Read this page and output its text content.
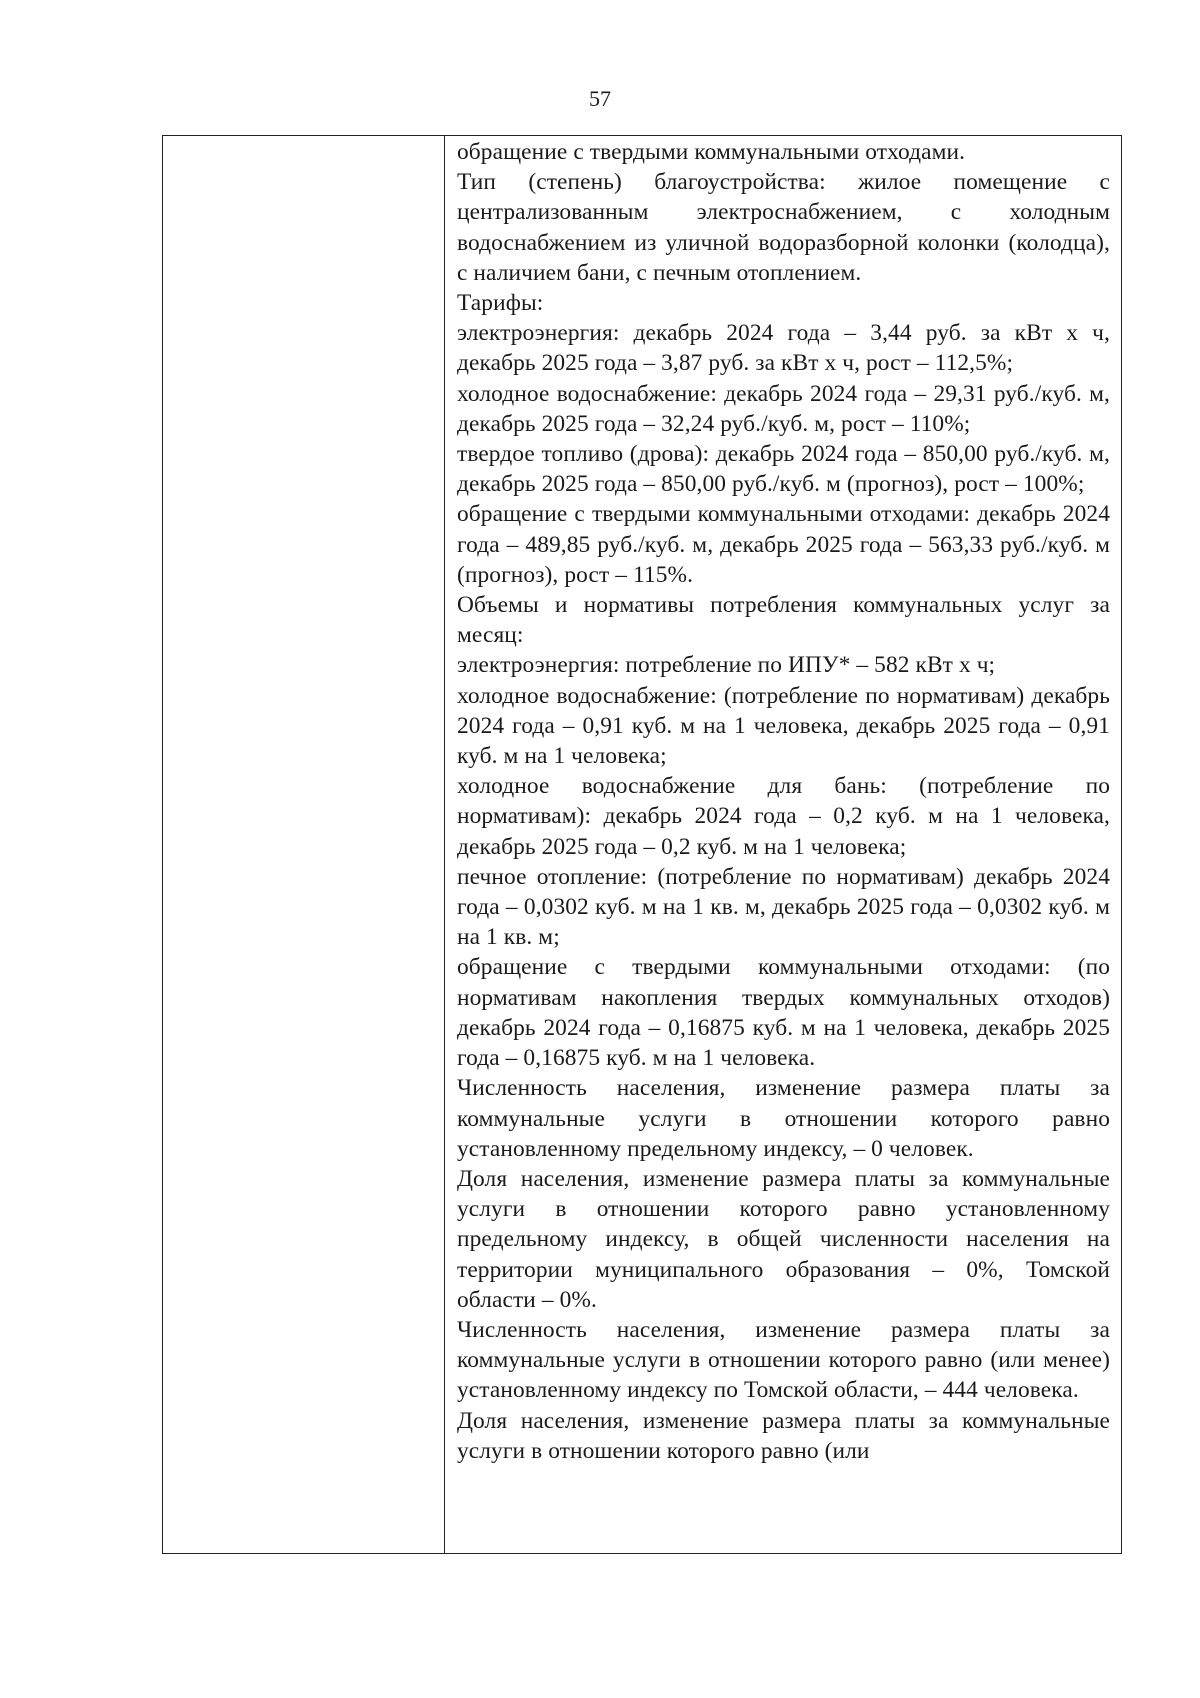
57

обращение с твердыми коммунальными отходами.

Тип (степень) благоустройства: жилое помещение с централизованным электроснабжением, с холодным водоснабжением из уличной водоразборной колонки (колодца), с наличием бани, с печным отоплением.

Тарифы:

электроэнергия: декабрь 2024 года – 3,44 руб. за кВт х ч, декабрь 2025 года – 3,87 руб. за кВт х ч, рост – 112,5%;

холодное водоснабжение: декабрь 2024 года – 29,31 руб./куб. м, декабрь 2025 года – 32,24 руб./куб. м, рост – 110%;

твердое топливо (дрова): декабрь 2024 года – 850,00 руб./куб. м, декабрь 2025 года – 850,00 руб./куб. м (прогноз), рост – 100%;

обращение с твердыми коммунальными отходами: декабрь 2024 года – 489,85 руб./куб. м, декабрь 2025 года – 563,33 руб./куб. м (прогноз), рост – 115%.

Объемы и нормативы потребления коммунальных услуг за месяц:

электроэнергия: потребление по ИПУ* – 582 кВт х ч;

холодное водоснабжение: (потребление по нормативам) декабрь 2024 года – 0,91 куб. м на 1 человека, декабрь 2025 года – 0,91 куб. м на 1 человека;

холодное водоснабжение для бань: (потребление по нормативам): декабрь 2024 года – 0,2 куб. м на 1 человека, декабрь 2025 года – 0,2 куб. м на 1 человека;

печное отопление: (потребление по нормативам) декабрь 2024 года – 0,0302 куб. м на 1 кв. м, декабрь 2025 года – 0,0302 куб. м на 1 кв. м;

обращение с твердыми коммунальными отходами: (по нормативам накопления твердых коммунальных отходов) декабрь 2024 года – 0,16875 куб. м на 1 человека, декабрь 2025 года – 0,16875 куб. м на 1 человека.

Численность населения, изменение размера платы за коммунальные услуги в отношении которого равно установленному предельному индексу, – 0 человек.

Доля населения, изменение размера платы за коммунальные услуги в отношении которого равно установленному предельному индексу, в общей численности населения на территории муниципального образования – 0%, Томской области – 0%.

Численность населения, изменение размера платы за коммунальные услуги в отношении которого равно (или менее) установленному индексу по Томской области, – 444 человека.

Доля населения, изменение размера платы за коммунальные услуги в отношении которого равно (или
